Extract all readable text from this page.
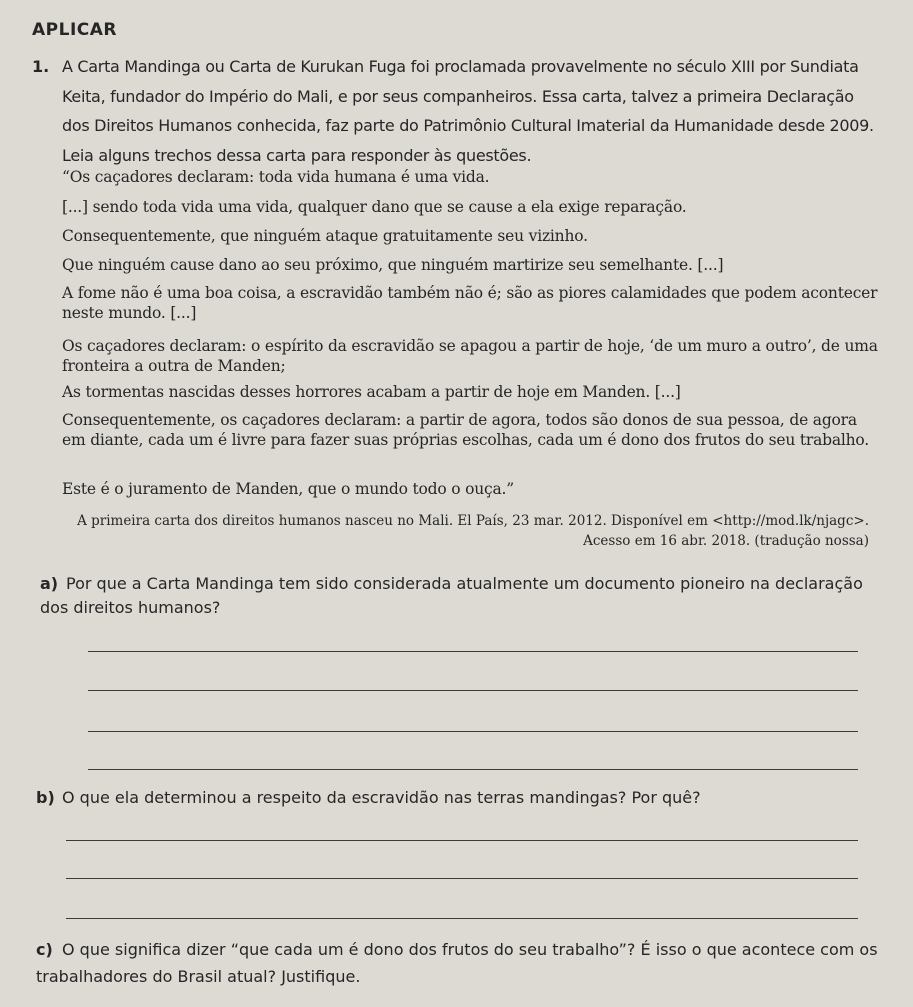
APLICAR
1. A Carta Mandinga ou Carta de Kurukan Fuga foi proclamada provavelmente no século XIII por Sundiata Keita, fundador do Império do Mali, e por seus companheiros. Essa carta, talvez a primeira Declaração dos Direitos Humanos conhecida, faz parte do Patrimônio Cultural Imaterial da Humanidade desde 2009. Leia alguns trechos dessa carta para responder às questões.
“Os caçadores declaram: toda vida humana é uma vida.
[...] sendo toda vida uma vida, qualquer dano que se cause a ela exige reparação.
Consequentemente, que ninguém ataque gratuitamente seu vizinho.
Que ninguém cause dano ao seu próximo, que ninguém martirize seu semelhante. [...]
A fome não é uma boa coisa, a escravidão também não é; são as piores calamidades que podem acontecer neste mundo. [...]
Os caçadores declaram: o espírito da escravidão se apagou a partir de hoje, ‘de um muro a outro’, de uma fronteira a outra de Manden;
As tormentas nascidas desses horrores acabam a partir de hoje em Manden. [...]
Consequentemente, os caçadores declaram: a partir de agora, todos são donos de sua pessoa, de agora em diante, cada um é livre para fazer suas próprias escolhas, cada um é dono dos frutos do seu trabalho.
Este é o juramento de Manden, que o mundo todo o ouça.”
A primeira carta dos direitos humanos nasceu no Mali. El País, 23 mar. 2012. Disponível em <http://mod.lk/njagc>.
Acesso em 16 abr. 2018. (tradução nossa)
a) Por que a Carta Mandinga tem sido considerada atualmente um documento pioneiro na declaração dos direitos humanos?
b) O que ela determinou a respeito da escravidão nas terras mandingas? Por quê?
c) O que significa dizer “que cada um é dono dos frutos do seu trabalho”? É isso o que acontece com os trabalhadores do Brasil atual? Justifique.
